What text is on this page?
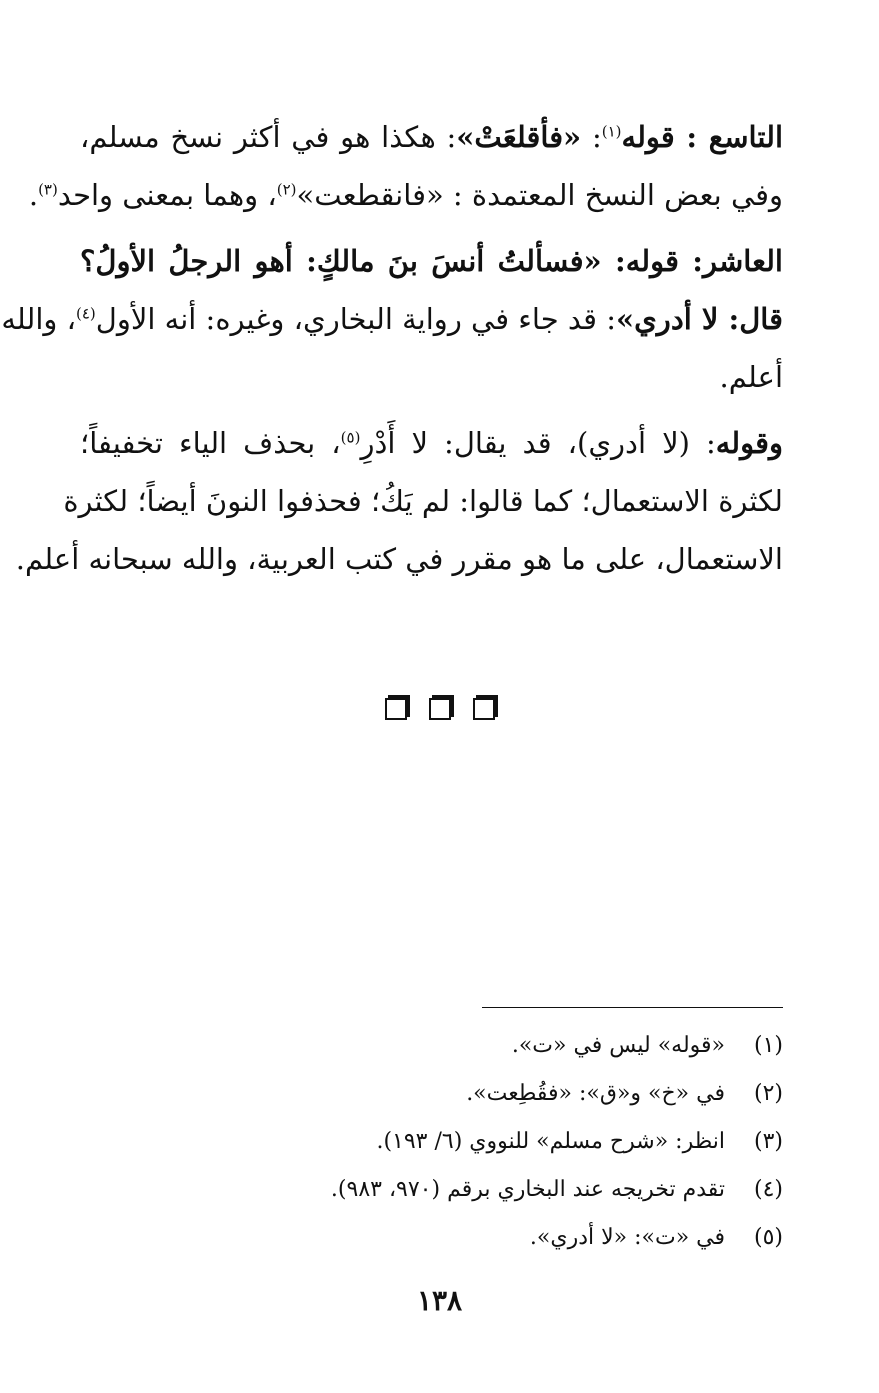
التاسع : قوله$^{(١)}$: «فأقلعَتْ»: هكذا هو في أكثر نسخ مسلم،
وفي بعض النسخ المعتمدة : «فانقطعت»$^{(٢)}$، وهما بمعنى واحد$^{(٣)}$.
العاشر: قوله: «فسألتُ أنسَ بنَ مالكٍ: أهو الرجلُ الأولُ؟
قال: لا أدري»: قد جاء في رواية البخاري، وغيره: أنه الأول$^{(٤)}$، والله
أعلم.
وقوله: (لا أدري)، قد يقال: لا أَدْرِ$^{(٥)}$، بحذف الياء تخفيفاً؛
لكثرة الاستعمال؛ كما قالوا: لم يَكُ؛ فحذفوا النونَ أيضاً؛ لكثرة
الاستعمال، على ما هو مقرر في كتب العربية، والله سبحانه أعلم.
(١)
«قوله» ليس في «ت».
(٢)
في «خ» و«ق»: «فقُطِعت».
(٣)
انظر: «شرح مسلم» للنووي (٦/ ١٩٣).
(٤)
تقدم تخريجه عند البخاري برقم (٩٧٠، ٩٨٣).
(٥)
في «ت»: «لا أدري».
١٣٨
